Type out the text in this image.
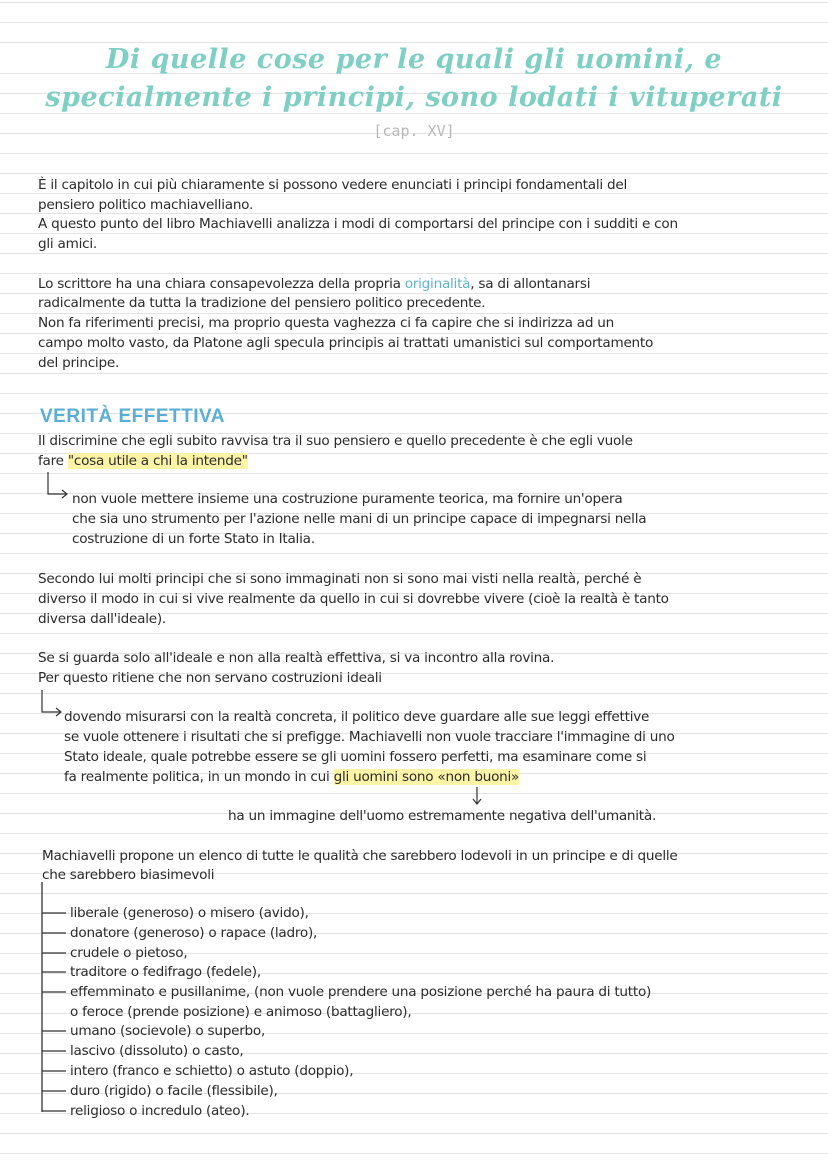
Di quelle cose per le quali gli uomini, e
specialmente i principi, sono lodati i vituperati
[cap. XV]
È il capitolo in cui più chiaramente si possono vedere enunciati i principi fondamentali del
pensiero politico machiavelliano.
A questo punto del libro Machiavelli analizza i modi di comportarsi del principe con i sudditi e con
gli amici.
Lo scrittore ha una chiara consapevolezza della propria originalità, sa di allontanarsi
radicalmente da tutta la tradizione del pensiero politico precedente.
Non fa riferimenti precisi, ma proprio questa vaghezza ci fa capire che si indirizza ad un
campo molto vasto, da Platone agli specula principis ai trattati umanistici sul comportamento
del principe.
VERITÀ EFFETTIVA
Il discrimine che egli subito ravvisa tra il suo pensiero e quello precedente è che egli vuole
fare "cosa utile a chi la intende"
non vuole mettere insieme una costruzione puramente teorica, ma fornire un'opera
che sia uno strumento per l'azione nelle mani di un principe capace di impegnarsi nella
costruzione di un forte Stato in Italia.
Secondo lui molti principi che si sono immaginati non si sono mai visti nella realtà, perché è
diverso il modo in cui si vive realmente da quello in cui si dovrebbe vivere (cioè la realtà è tanto
diversa dall'ideale).
Se si guarda solo all'ideale e non alla realtà effettiva, si va incontro alla rovina.
Per questo ritiene che non servano costruzioni ideali
dovendo misurarsi con la realtà concreta, il politico deve guardare alle sue leggi effettive
se vuole ottenere i risultati che si prefigge. Machiavelli non vuole tracciare l'immagine di uno
Stato ideale, quale potrebbe essere se gli uomini fossero perfetti, ma esaminare come si
fa realmente politica, in un mondo in cui gli uomini sono «non buoni»
ha un immagine dell'uomo estremamente negativa dell'umanità.
Machiavelli propone un elenco di tutte le qualità che sarebbero lodevoli in un principe e di quelle
che sarebbero biasimevoli
liberale (generoso) o misero (avido),
donatore (generoso) o rapace (ladro),
crudele o pietoso,
traditore o fedifrago (fedele),
effemminato e pusillanime, (non vuole prendere una posizione perché ha paura di tutto)
o feroce (prende posizione) e animoso (battagliero),
umano (socievole) o superbo,
lascivo (dissoluto) o casto,
intero (franco e schietto) o astuto (doppio),
duro (rigido) o facile (flessibile),
religioso o incredulo (ateo).
